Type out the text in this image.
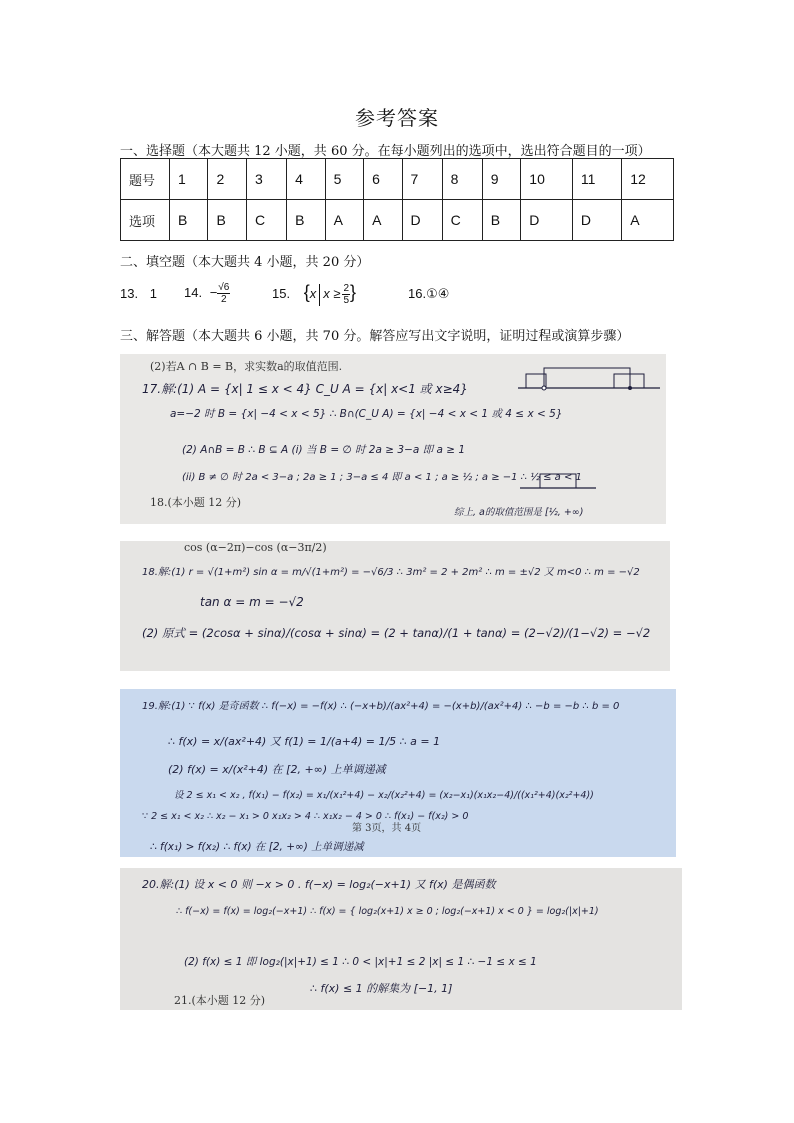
参考答案
一、选择题（本大题共 12 小题，共 60 分。在每小题列出的选项中，选出符合题目的一项）
题号	1	2	3	4	5	6	7	8	9	10	11	12
选项	B	B	C	B	A	A	D	C	B	D	D	A
二、填空题（本大题共 4 小题，共 20 分）
13. 1 14. − $\frac{√6}{2}$	15. {x $x \ge \frac{2}{5}$ }	16.①④
三、解答题（本大题共 6 小题，共 70 分。解答应写出文字说明，证明过程或演算步骤）
(2)若A ∩ B = B，求实数a的取值范围.
17.解:(1) A = {x| 1 ≤ x < 4} C_U A = {x| x<1 或 x≥4}
a=−2 时 B = {x| −4 < x < 5} ∴ B∩(C_U A) = {x| −4 < x < 1 或 4 ≤ x < 5}
(2) A∩B = B ∴ B ⊆ A (i) 当 B = ∅ 时 2a ≥ 3−a 即 a ≥ 1
(ii) B ≠ ∅ 时 2a < 3−a ; 2a ≥ 1 ; 3−a ≤ 4 即 a < 1 ; a ≥ ½ ; a ≥ −1 ∴ ½ ≤ a < 1
18.(本小题 12 分)
综上, a的取值范围是 [½, +∞)
cos (α−2π)−cos (α−3π/2)
18.解:(1) r = √(1+m²) sin α = m/√(1+m²) = −√6/3 ∴ 3m² = 2 + 2m² ∴ m = ±√2 又 m<0 ∴ m = −√2
tan α = m = −√2
(2) 原式 = (2cosα + sinα)/(cosα + sinα) = (2 + tanα)/(1 + tanα) = (2−√2)/(1−√2) = −√2
19.解:(1) ∵ f(x) 是奇函数 ∴ f(−x) = −f(x) ∴ (−x+b)/(ax²+4) = −(x+b)/(ax²+4) ∴ −b = −b ∴ b = 0
∴ f(x) = x/(ax²+4) 又 f(1) = 1/(a+4) = 1/5 ∴ a = 1
(2) f(x) = x/(x²+4) 在 [2, +∞) 上单调递减
设 2 ≤ x₁ < x₂ , f(x₁) − f(x₂) = x₁/(x₁²+4) − x₂/(x₂²+4) = (x₂−x₁)(x₁x₂−4)/((x₁²+4)(x₂²+4))
∵ 2 ≤ x₁ < x₂ ∴ x₂ − x₁ > 0 x₁x₂ > 4 ∴ x₁x₂ − 4 > 0 ∴ f(x₁) − f(x₂) > 0
第 3页，共 4页
∴ f(x₁) > f(x₂) ∴ f(x) 在 [2, +∞) 上单调递减
20.解:(1) 设 x < 0 则 −x > 0 . f(−x) = log₂(−x+1) 又 f(x) 是偶函数
∴ f(−x) = f(x) = log₂(−x+1) ∴ f(x) = { log₂(x+1) x ≥ 0 ; log₂(−x+1) x < 0 } = log₂(|x|+1)
(2) f(x) ≤ 1 即 log₂(|x|+1) ≤ 1 ∴ 0 < |x|+1 ≤ 2 |x| ≤ 1 ∴ −1 ≤ x ≤ 1
∴ f(x) ≤ 1 的解集为 [−1, 1]
21.(本小题 12 分)
